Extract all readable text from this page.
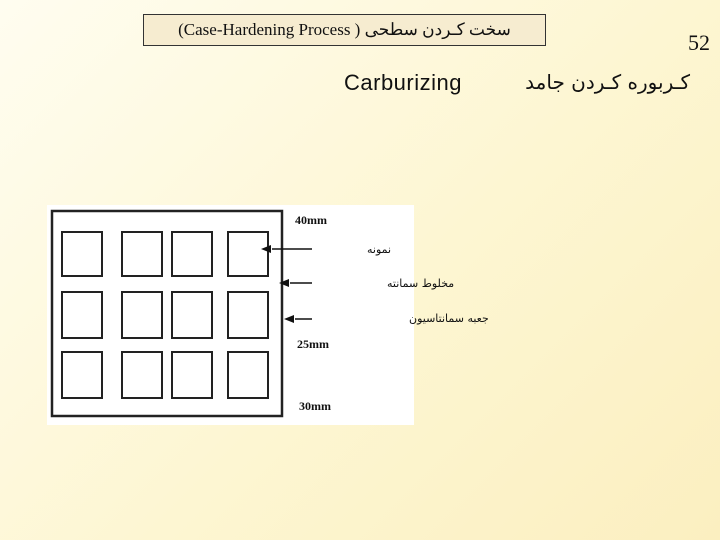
(Case-Hardening Process ) سخت کـردن سطحی
52
Carburizing	کـربوره کـردن جامد
40mm
نمونه
مخلوط سمانته
جعبه سمانتاسیون
25mm
30mm
